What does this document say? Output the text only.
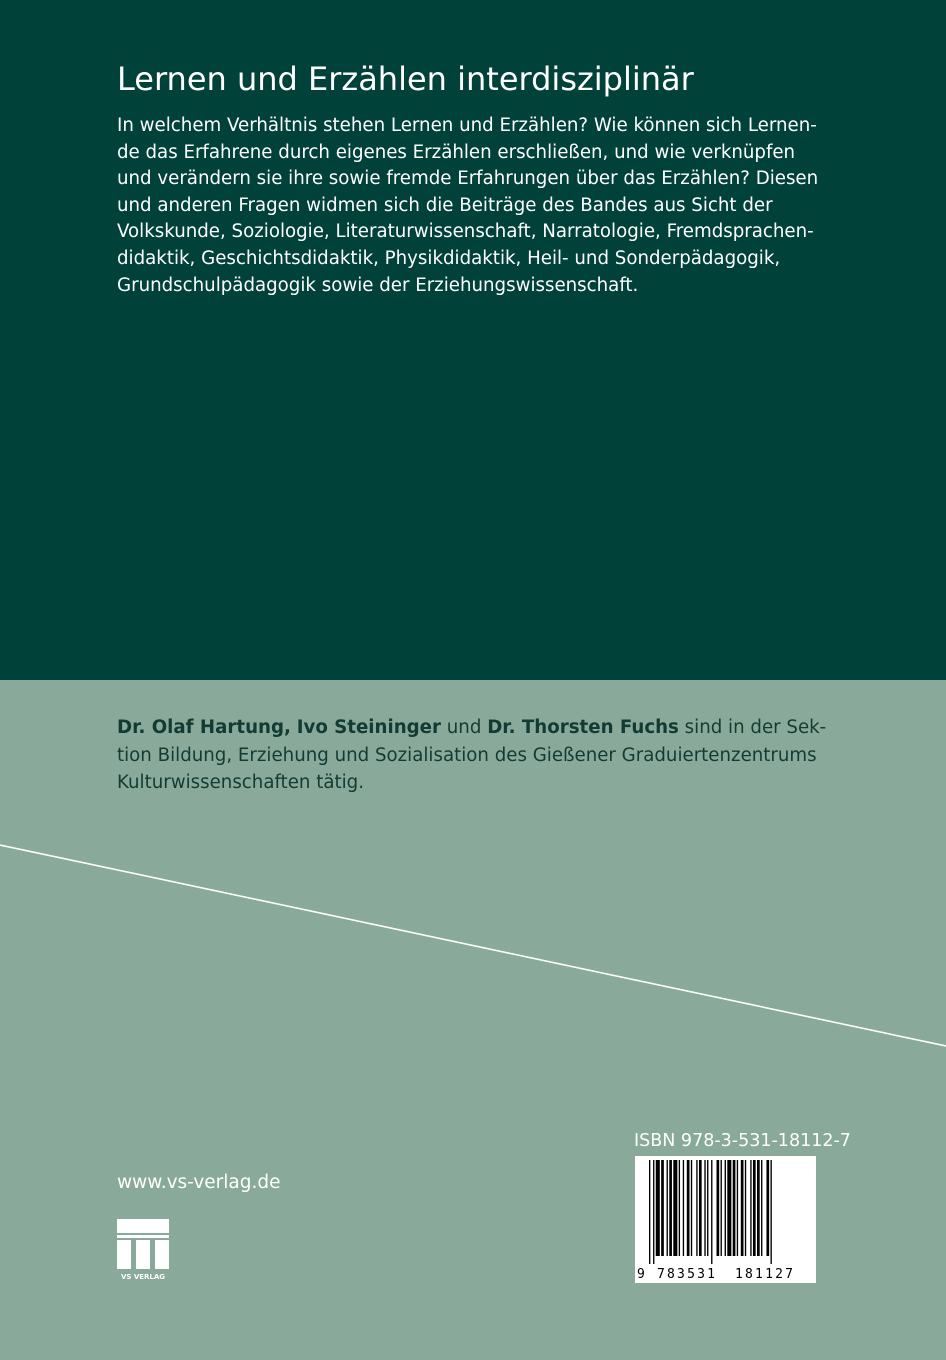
Lernen und Erzählen interdisziplinär
In welchem Verhältnis stehen Lernen und Erzählen? Wie können sich Lernen-
de das Erfahrene durch eigenes Erzählen erschließen, und wie verknüpfen
und verändern sie ihre sowie fremde Erfahrungen über das Erzählen? Diesen
und anderen Fragen widmen sich die Beiträge des Bandes aus Sicht der
Volkskunde, Soziologie, Literaturwissenschaft, Narratologie, Fremdsprachen-
didaktik, Geschichtsdidaktik, Physikdidaktik, Heil- und Sonderpädagogik,
Grundschulpädagogik sowie der Erziehungswissenschaft.
Dr. Olaf Hartung, Ivo Steininger und Dr. Thorsten Fuchs sind in der Sek-
tion Bildung, Erziehung und Sozialisation des Gießener Graduiertenzentrums
Kulturwissenschaften tätig.
www.vs-verlag.de
VS VERLAG
ISBN 978-3-531-18112-7
9 783531 181127
